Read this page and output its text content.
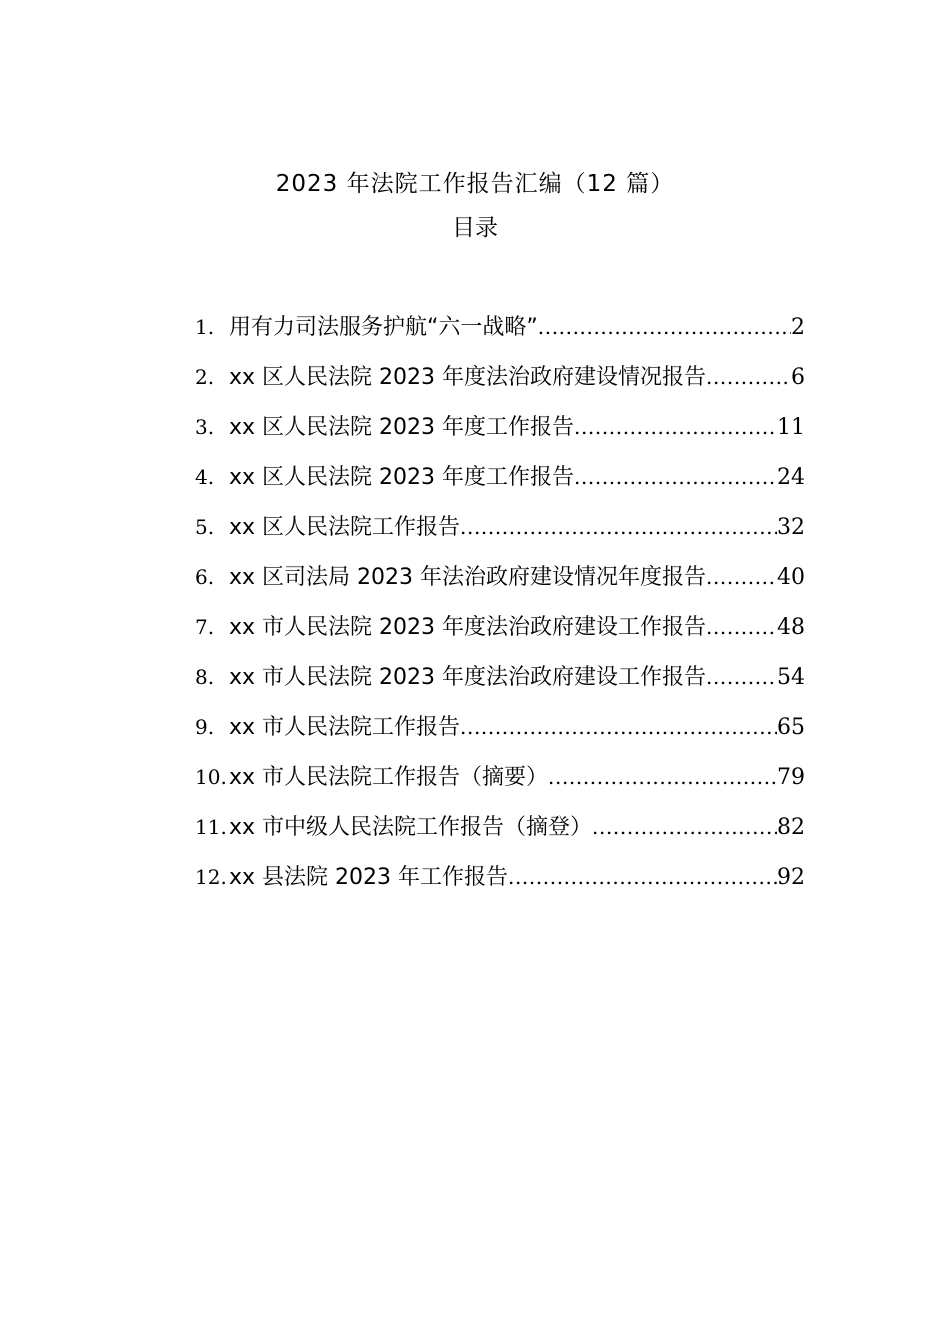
2023 年法院工作报告汇编（12 篇）
目录
1. 用有力司法服务护航“六一战略” .....	2
2. xx 区人民法院 2023 年度法治政府建设情况报告 .....	6
3. xx 区人民法院 2023 年度工作报告 .....	11
4. xx 区人民法院 2023 年度工作报告 .....	24
5. xx 区人民法院工作报告 .....	32
6. xx 区司法局 2023 年法治政府建设情况年度报告 .....	40
7. xx 市人民法院 2023 年度法治政府建设工作报告 .....	48
8. xx 市人民法院 2023 年度法治政府建设工作报告 .....	54
9. xx 市人民法院工作报告 .....	65
10. xx 市人民法院工作报告（摘要） .....	79
11. xx 市中级人民法院工作报告（摘登） .....	82
12. xx 县法院 2023 年工作报告 .....	92
